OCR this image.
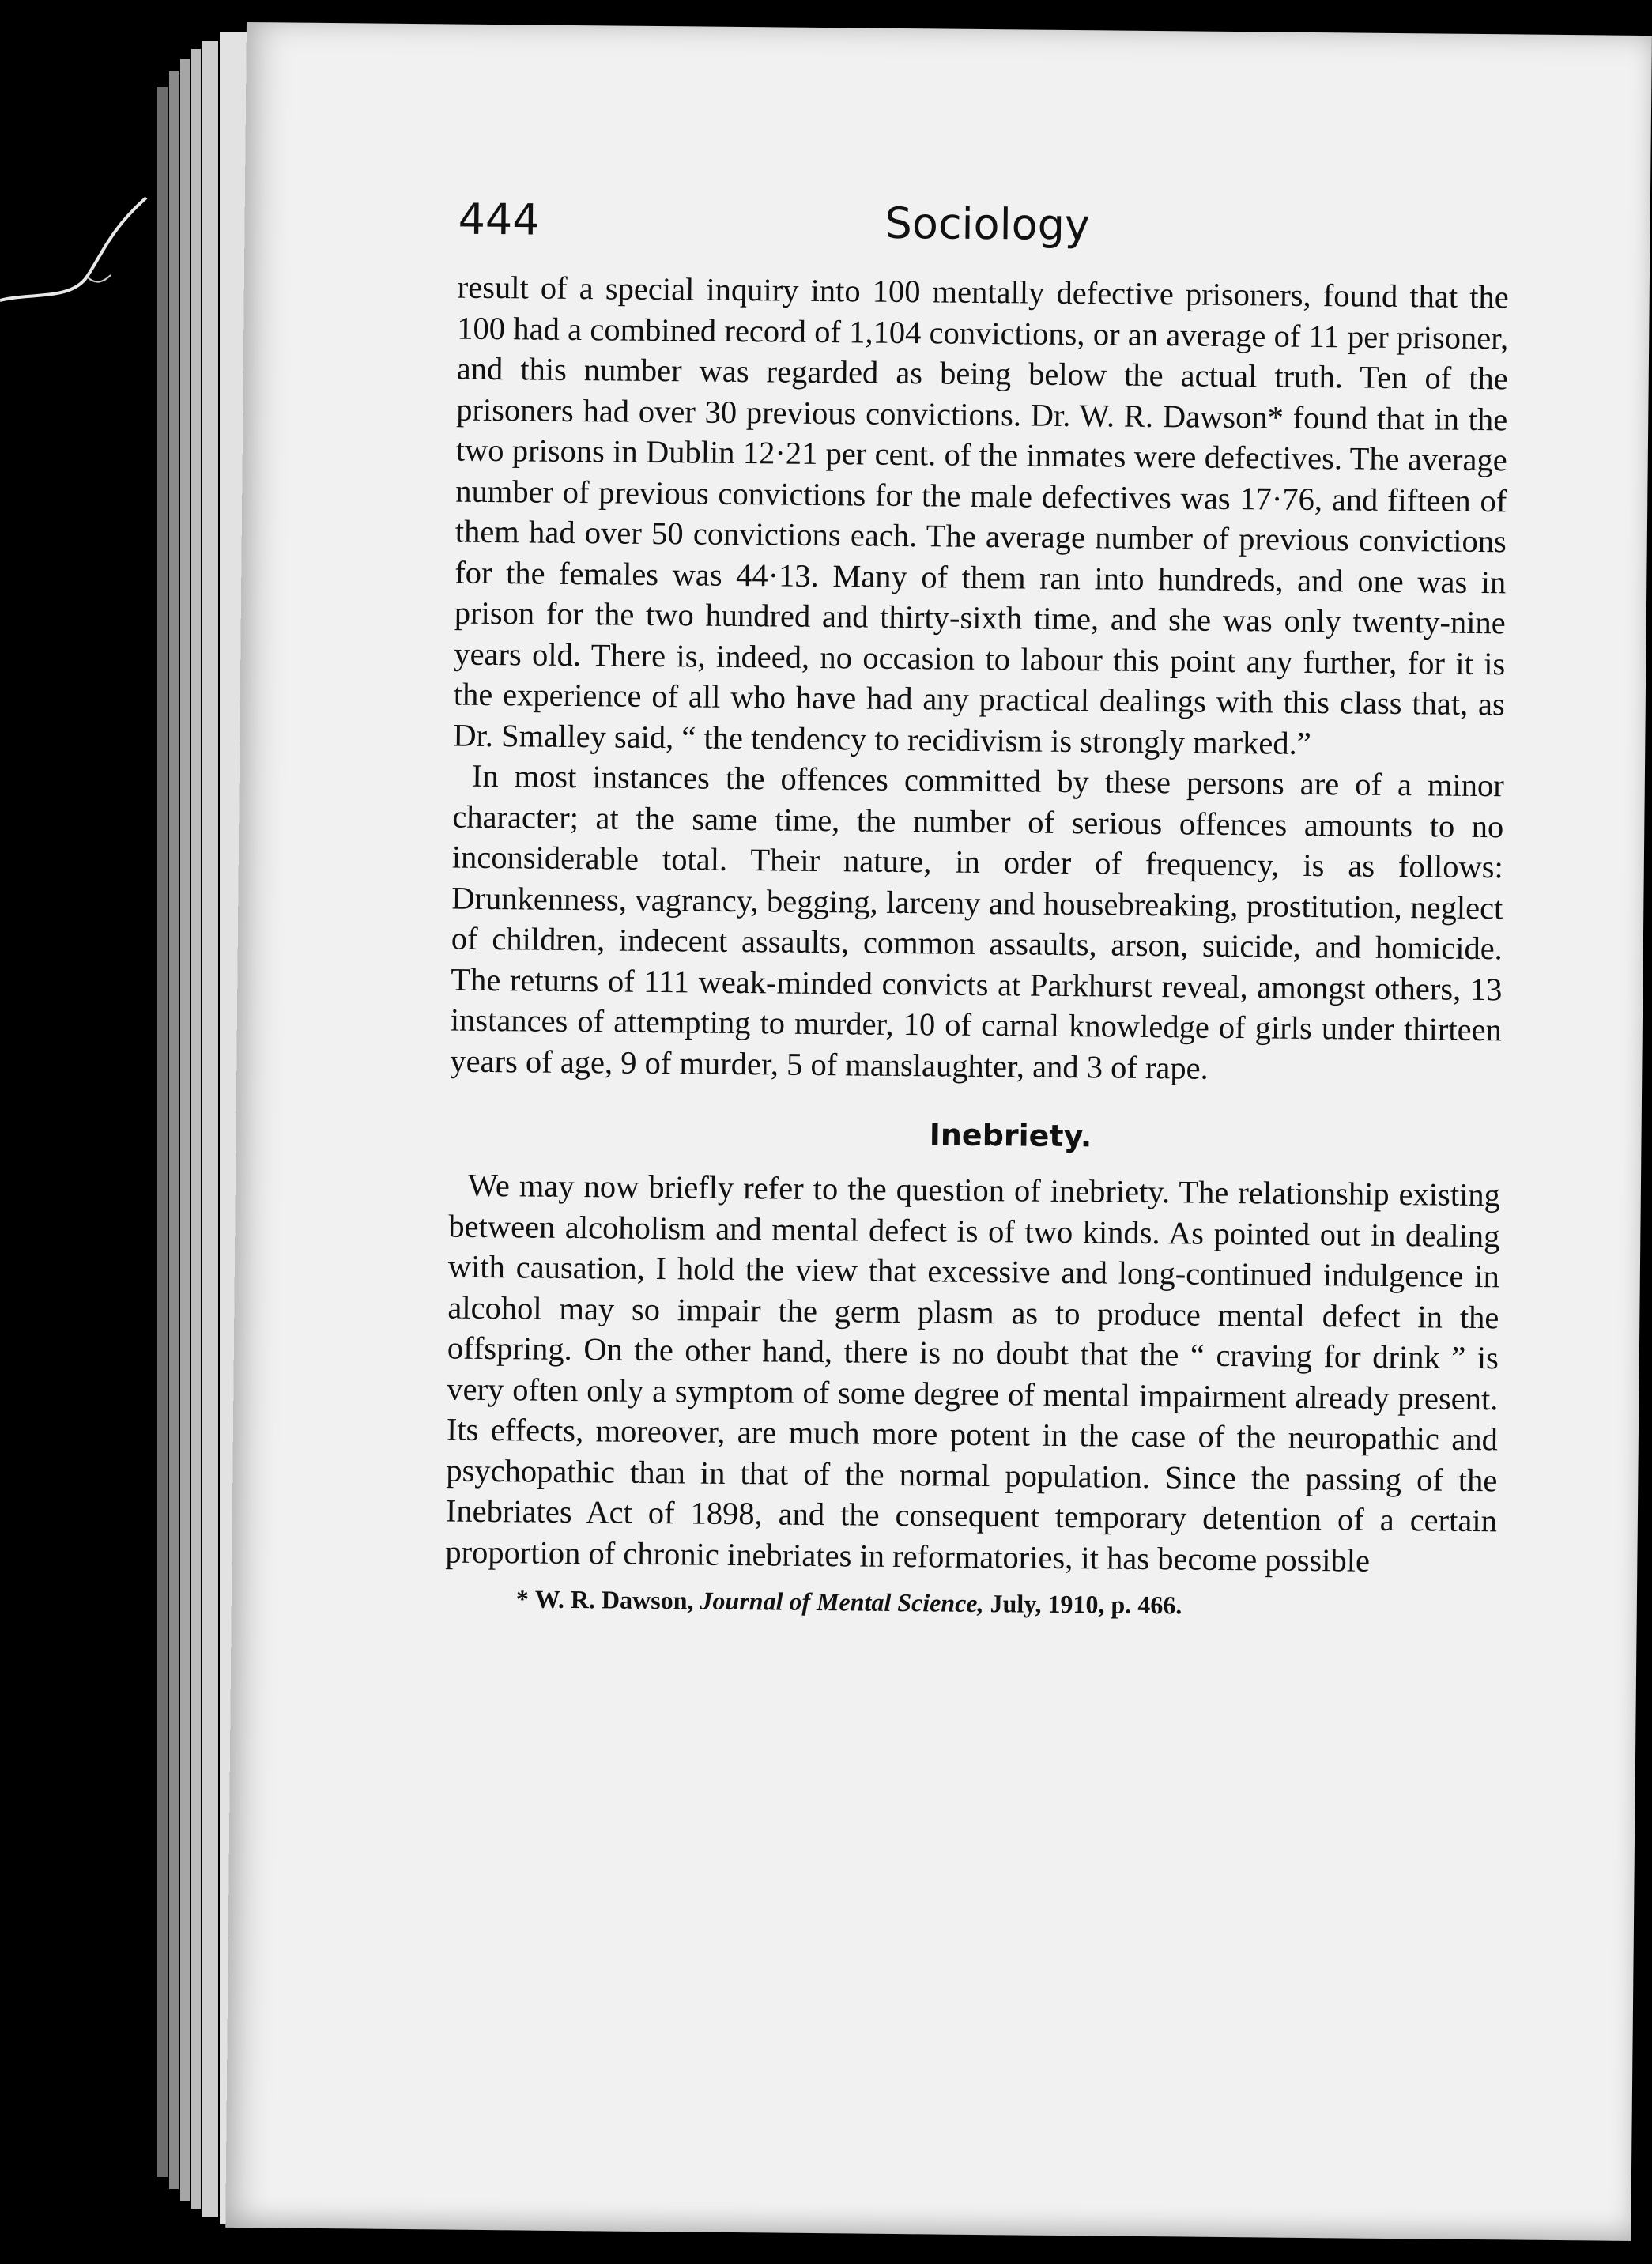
444	Sociology

result of a special inquiry into 100 mentally defective prisoners, found that the 100 had a combined record of 1,104 convictions, or an average of 11 per prisoner, and this number was regarded as being below the actual truth. Ten of the prisoners had over 30 previous convictions. Dr. W. R. Dawson* found that in the two prisons in Dublin 12·21 per cent. of the inmates were defectives. The average number of previous convictions for the male defectives was 17·76, and fifteen of them had over 50 convictions each. The average number of previous convictions for the females was 44·13. Many of them ran into hundreds, and one was in prison for the two hundred and thirty-sixth time, and she was only twenty-nine years old. There is, indeed, no occasion to labour this point any further, for it is the experience of all who have had any practical dealings with this class that, as Dr. Smalley said, “ the tendency to recidivism is strongly marked.”

In most instances the offences committed by these persons are of a minor character; at the same time, the number of serious offences amounts to no inconsiderable total. Their nature, in order of frequency, is as follows: Drunkenness, vagrancy, begging, larceny and housebreaking, prostitution, neglect of children, indecent assaults, common assaults, arson, suicide, and homicide. The returns of 111 weak-minded convicts at Parkhurst reveal, amongst others, 13 instances of attempting to murder, 10 of carnal knowledge of girls under thirteen years of age, 9 of murder, 5 of manslaughter, and 3 of rape.

Inebriety.

We may now briefly refer to the question of inebriety. The relationship existing between alcoholism and mental defect is of two kinds. As pointed out in dealing with causation, I hold the view that excessive and long-continued indulgence in alcohol may so impair the germ plasm as to produce mental defect in the offspring. On the other hand, there is no doubt that the “ craving for drink ” is very often only a symptom of some degree of mental impairment already present. Its effects, moreover, are much more potent in the case of the neuropathic and psychopathic than in that of the normal population. Since the passing of the Inebriates Act of 1898, and the consequent temporary detention of a certain proportion of chronic inebriates in reformatories, it has become possible

* W. R. Dawson, Journal of Mental Science, July, 1910, p. 466.
